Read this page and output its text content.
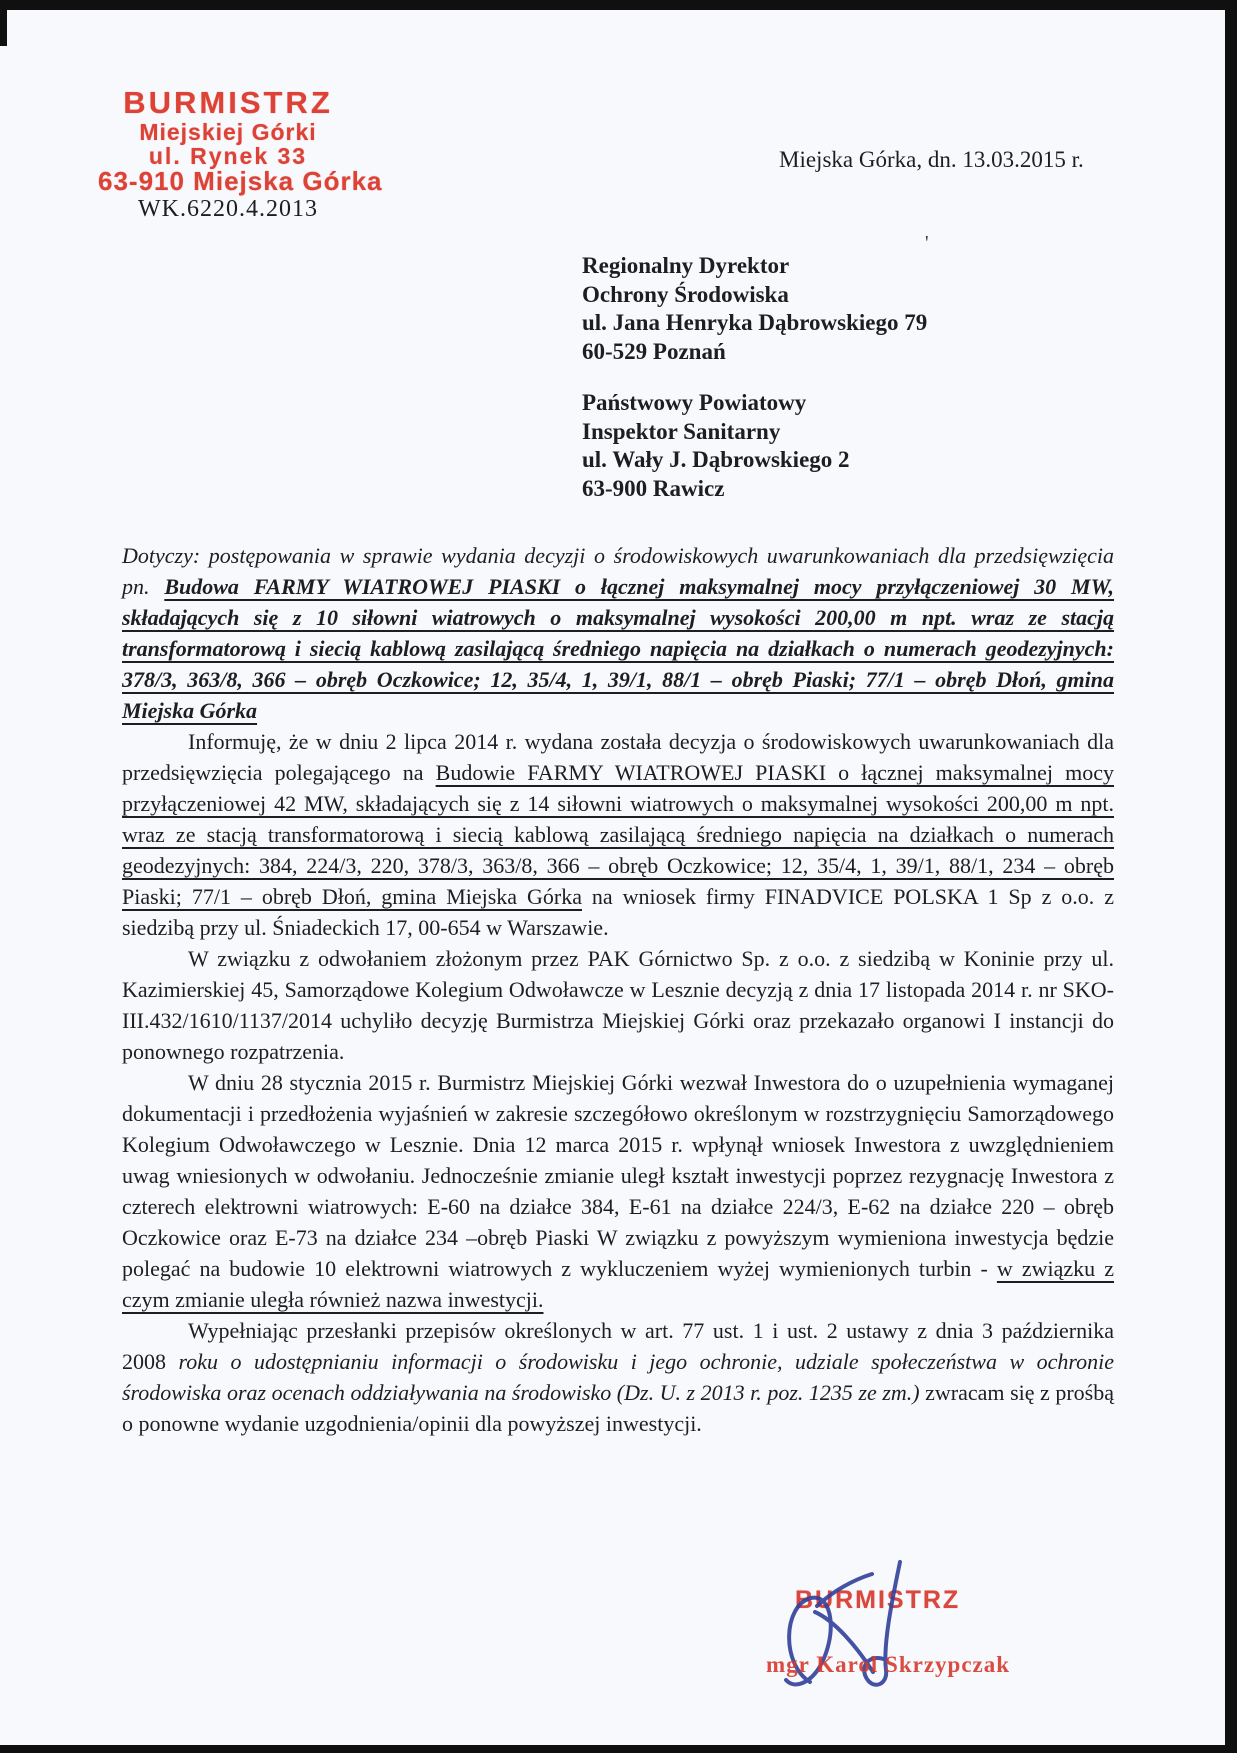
BURMISTRZ
Miejskiej Górki
ul. Rynek 33
63-910 Miejska Górka
WK.6220.4.2013
Miejska Górka, dn. 13.03.2015 r.
'
Regionalny Dyrektor
Ochrony Środowiska
ul. Jana Henryka Dąbrowskiego 79
60-529 Poznań
Państwowy Powiatowy
Inspektor Sanitarny
ul. Wały J. Dąbrowskiego 2
63-900 Rawicz

Dotyczy: postępowania w sprawie wydania decyzji o środowiskowych uwarunkowaniach dla przedsięwzięcia pn. Budowa FARMY WIATROWEJ PIASKI o łącznej maksymalnej mocy przyłączeniowej 30 MW, składających się z 10 siłowni wiatrowych o maksymalnej wysokości 200,00 m npt. wraz ze stacją transformatorową i siecią kablową zasilającą średniego napięcia na działkach o numerach geodezyjnych: 378/3, 363/8, 366 – obręb Oczkowice; 12, 35/4, 1, 39/1, 88/1 – obręb Piaski; 77/1 – obręb Dłoń, gmina Miejska Górka

Informuję, że w dniu 2 lipca 2014 r. wydana została decyzja o środowiskowych uwarunkowaniach dla przedsięwzięcia polegającego na Budowie FARMY WIATROWEJ PIASKI o łącznej maksymalnej mocy przyłączeniowej 42 MW, składających się z 14 siłowni wiatrowych o maksymalnej wysokości 200,00 m npt. wraz ze stacją transformatorową i siecią kablową zasilającą średniego napięcia na działkach o numerach geodezyjnych: 384, 224/3, 220, 378/3, 363/8, 366 – obręb Oczkowice; 12, 35/4, 1, 39/1, 88/1, 234 – obręb Piaski; 77/1 – obręb Dłoń, gmina Miejska Górka na wniosek firmy FINADVICE POLSKA 1 Sp z o.o. z siedzibą przy ul. Śniadeckich 17, 00-654 w Warszawie.

W związku z odwołaniem złożonym przez PAK Górnictwo Sp. z o.o. z siedzibą w Koninie przy ul. Kazimierskiej 45, Samorządowe Kolegium Odwoławcze w Lesznie decyzją z dnia 17 listopada 2014 r. nr SKO-III.432/1610/1137/2014 uchyliło decyzję Burmistrza Miejskiej Górki oraz przekazało organowi I instancji do ponownego rozpatrzenia.

W dniu 28 stycznia 2015 r. Burmistrz Miejskiej Górki wezwał Inwestora do o uzupełnienia wymaganej dokumentacji i przedłożenia wyjaśnień w zakresie szczegółowo określonym w rozstrzygnięciu Samorządowego Kolegium Odwoławczego w Lesznie. Dnia 12 marca 2015 r. wpłynął wniosek Inwestora z uwzględnieniem uwag wniesionych w odwołaniu. Jednocześnie zmianie uległ kształt inwestycji poprzez rezygnację Inwestora z czterech elektrowni wiatrowych: E-60 na działce 384, E-61 na działce 224/3, E-62 na działce 220 – obręb Oczkowice oraz E-73 na działce 234 –obręb Piaski W związku z powyższym wymieniona inwestycja będzie polegać na budowie 10 elektrowni wiatrowych z wykluczeniem wyżej wymienionych turbin - w związku z czym zmianie uległa również nazwa inwestycji.

Wypełniając przesłanki przepisów określonych w art. 77 ust. 1 i ust. 2 ustawy z dnia 3 października 2008 roku o udostępnianiu informacji o środowisku i jego ochronie, udziale społeczeństwa w ochronie środowiska oraz ocenach oddziaływania na środowisko (Dz. U. z 2013 r. poz. 1235 ze zm.) zwracam się z prośbą o ponowne wydanie uzgodnienia/opinii dla powyższej inwestycji.

BURMISTRZ
mgr Karol Skrzypczak
